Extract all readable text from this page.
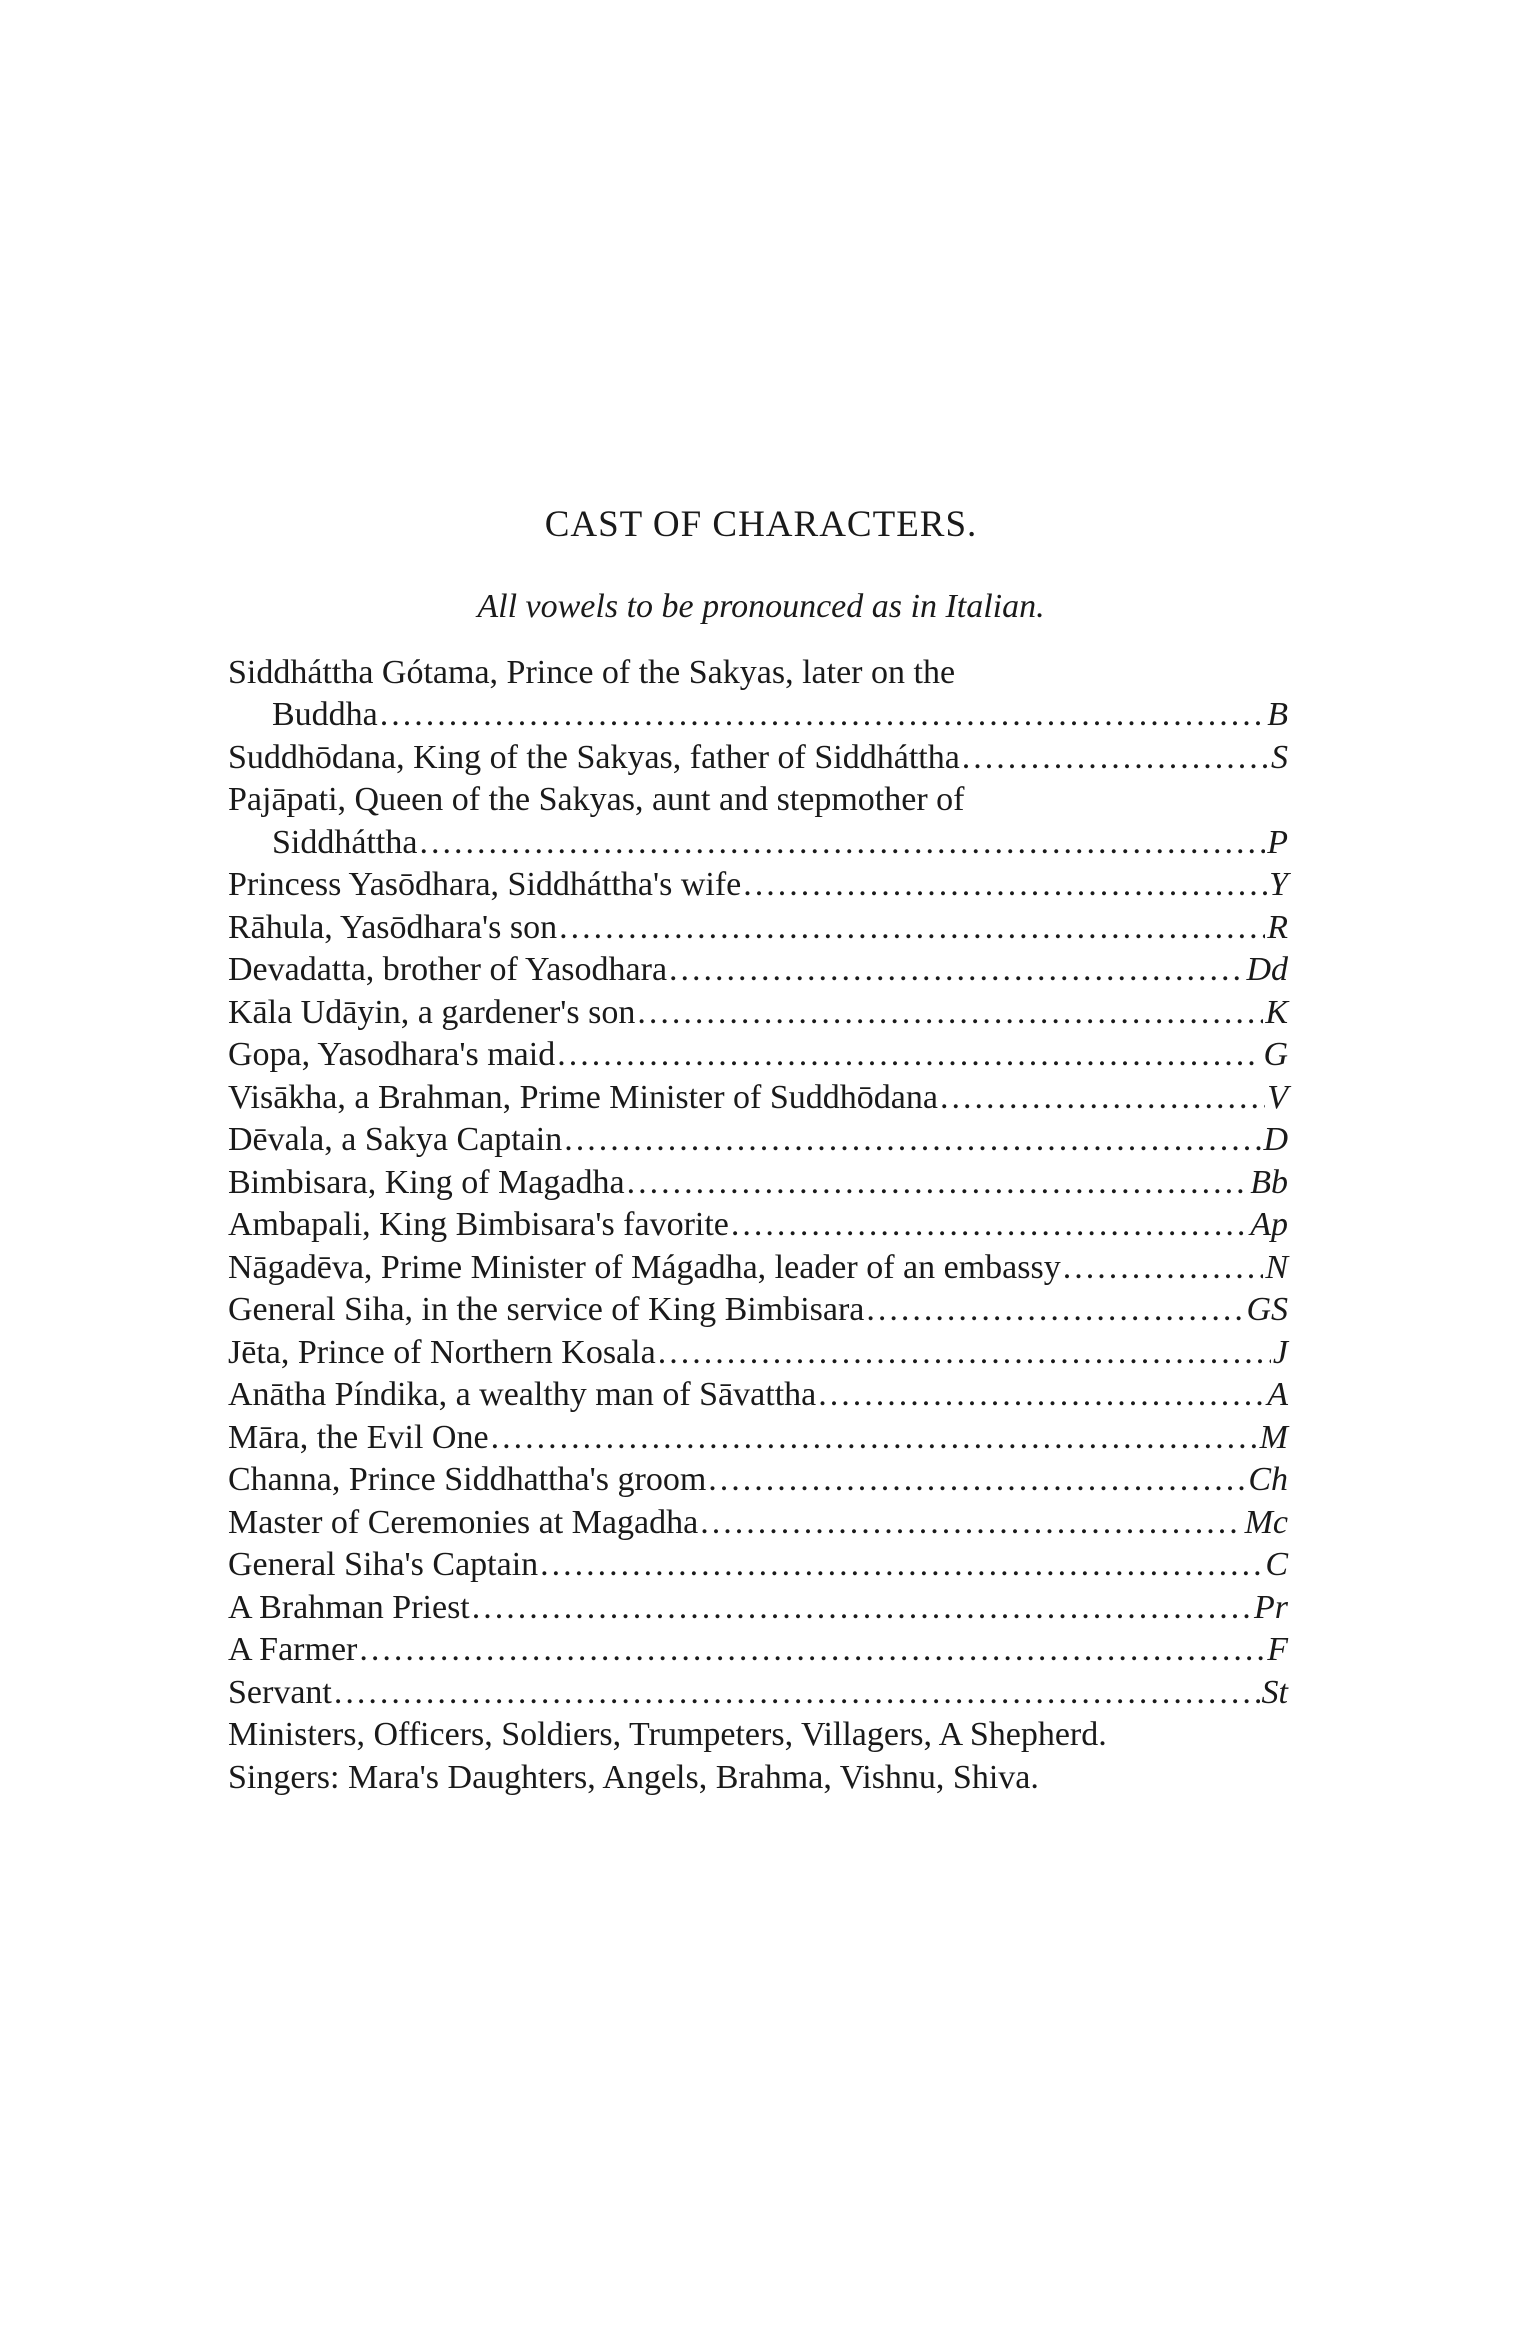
CAST OF CHARACTERS.
All vowels to be pronounced as in Italian.
Siddháttha Gótama, Prince of the Sakyas, later on the
Buddha .....	B
Suddhōdana, King of the Sakyas, father of Siddháttha .....	S
Pajāpati, Queen of the Sakyas, aunt and stepmother of
Siddháttha .....	P
Princess Yasōdhara, Siddháttha's wife .....	Y
Rāhula, Yasōdhara's son .....	R
Devadatta, brother of Yasodhara .....	Dd
Kāla Udāyin, a gardener's son .....	K
Gopa, Yasodhara's maid .....	G
Visākha, a Brahman, Prime Minister of Suddhōdana .....	V
Dēvala, a Sakya Captain .....	D
Bimbisara, King of Magadha .....	Bb
Ambapali, King Bimbisara's favorite .....	Ap
Nāgadēva, Prime Minister of Mágadha, leader of an embassy .....	N
General Siha, in the service of King Bimbisara .....	GS
Jēta, Prince of Northern Kosala .....	J
Anātha Píndika, a wealthy man of Sāvattha .....	A
Māra, the Evil One .....	M
Channa, Prince Siddhattha's groom .....	Ch
Master of Ceremonies at Magadha .....	Mc
General Siha's Captain .....	C
A Brahman Priest .....	Pr
A Farmer .....	F
Servant .....	St
Ministers, Officers, Soldiers, Trumpeters, Villagers, A Shepherd.
Singers: Mara's Daughters, Angels, Brahma, Vishnu, Shiva.
